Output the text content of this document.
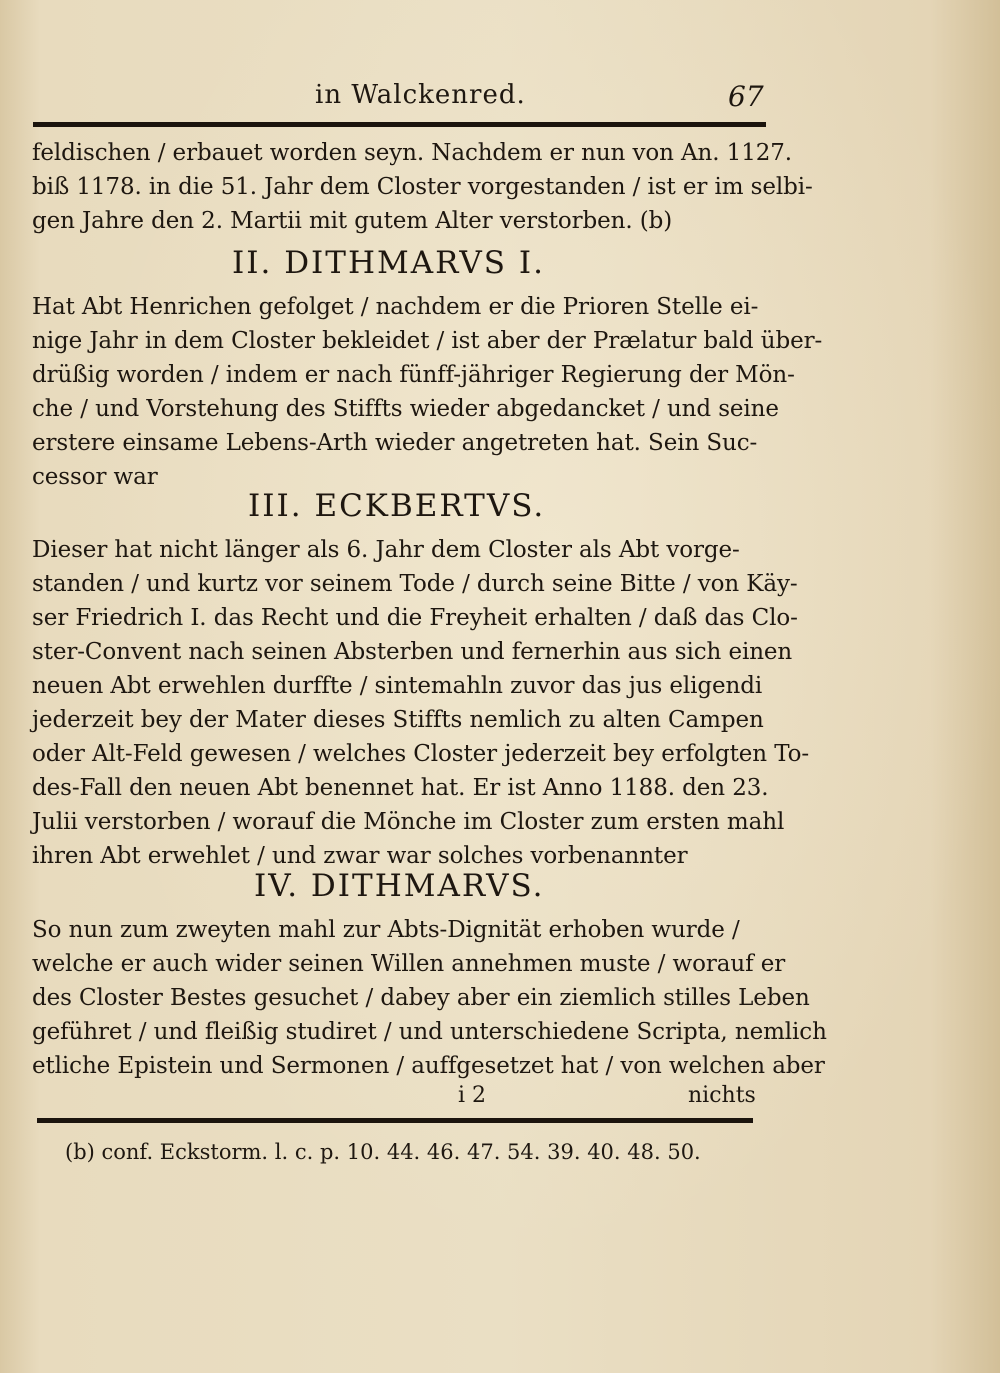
in Walckenred.	67
feldischen / erbauet worden seyn. Nachdem er nun von An. 1127.
biß 1178. in die 51. Jahr dem Closter vorgestanden / ist er im selbi-
gen Jahre den 2. Martii mit gutem Alter verstorben. (b)
II. DITHMARVS I.
Hat Abt Henrichen gefolget / nachdem er die Prioren Stelle ei-
nige Jahr in dem Closter bekleidet / ist aber der Prælatur bald über-
drüßig worden / indem er nach fünff-jähriger Regierung der Mön-
che / und Vorstehung des Stiffts wieder abgedancket / und seine
erstere einsame Lebens-Arth wieder angetreten hat. Sein Suc-
cessor war
III. ECKBERTVS.
Dieser hat nicht länger als 6. Jahr dem Closter als Abt vorge-
standen / und kurtz vor seinem Tode / durch seine Bitte / von Käy-
ser Friedrich I. das Recht und die Freyheit erhalten / daß das Clo-
ster-Convent nach seinen Absterben und fernerhin aus sich einen
neuen Abt erwehlen durffte / sintemahln zuvor das jus eligendi
jederzeit bey der Mater dieses Stiffts nemlich zu alten Campen
oder Alt-Feld gewesen / welches Closter jederzeit bey erfolgten To-
des-Fall den neuen Abt benennet hat. Er ist Anno 1188. den 23.
Julii verstorben / worauf die Mönche im Closter zum ersten mahl
ihren Abt erwehlet / und zwar war solches vorbenannter
IV. DITHMARVS.
So nun zum zweyten mahl zur Abts-Dignität erhoben wurde /
welche er auch wider seinen Willen annehmen muste / worauf er
des Closter Bestes gesuchet / dabey aber ein ziemlich stilles Leben
geführet / und fleißig studiret / und unterschiedene Scripta, nemlich
etliche Epistein und Sermonen / auffgesetzet hat / von welchen aber
i 2	nichts
(b) conf. Eckstorm. l. c. p. 10. 44. 46. 47. 54. 39. 40. 48. 50.
